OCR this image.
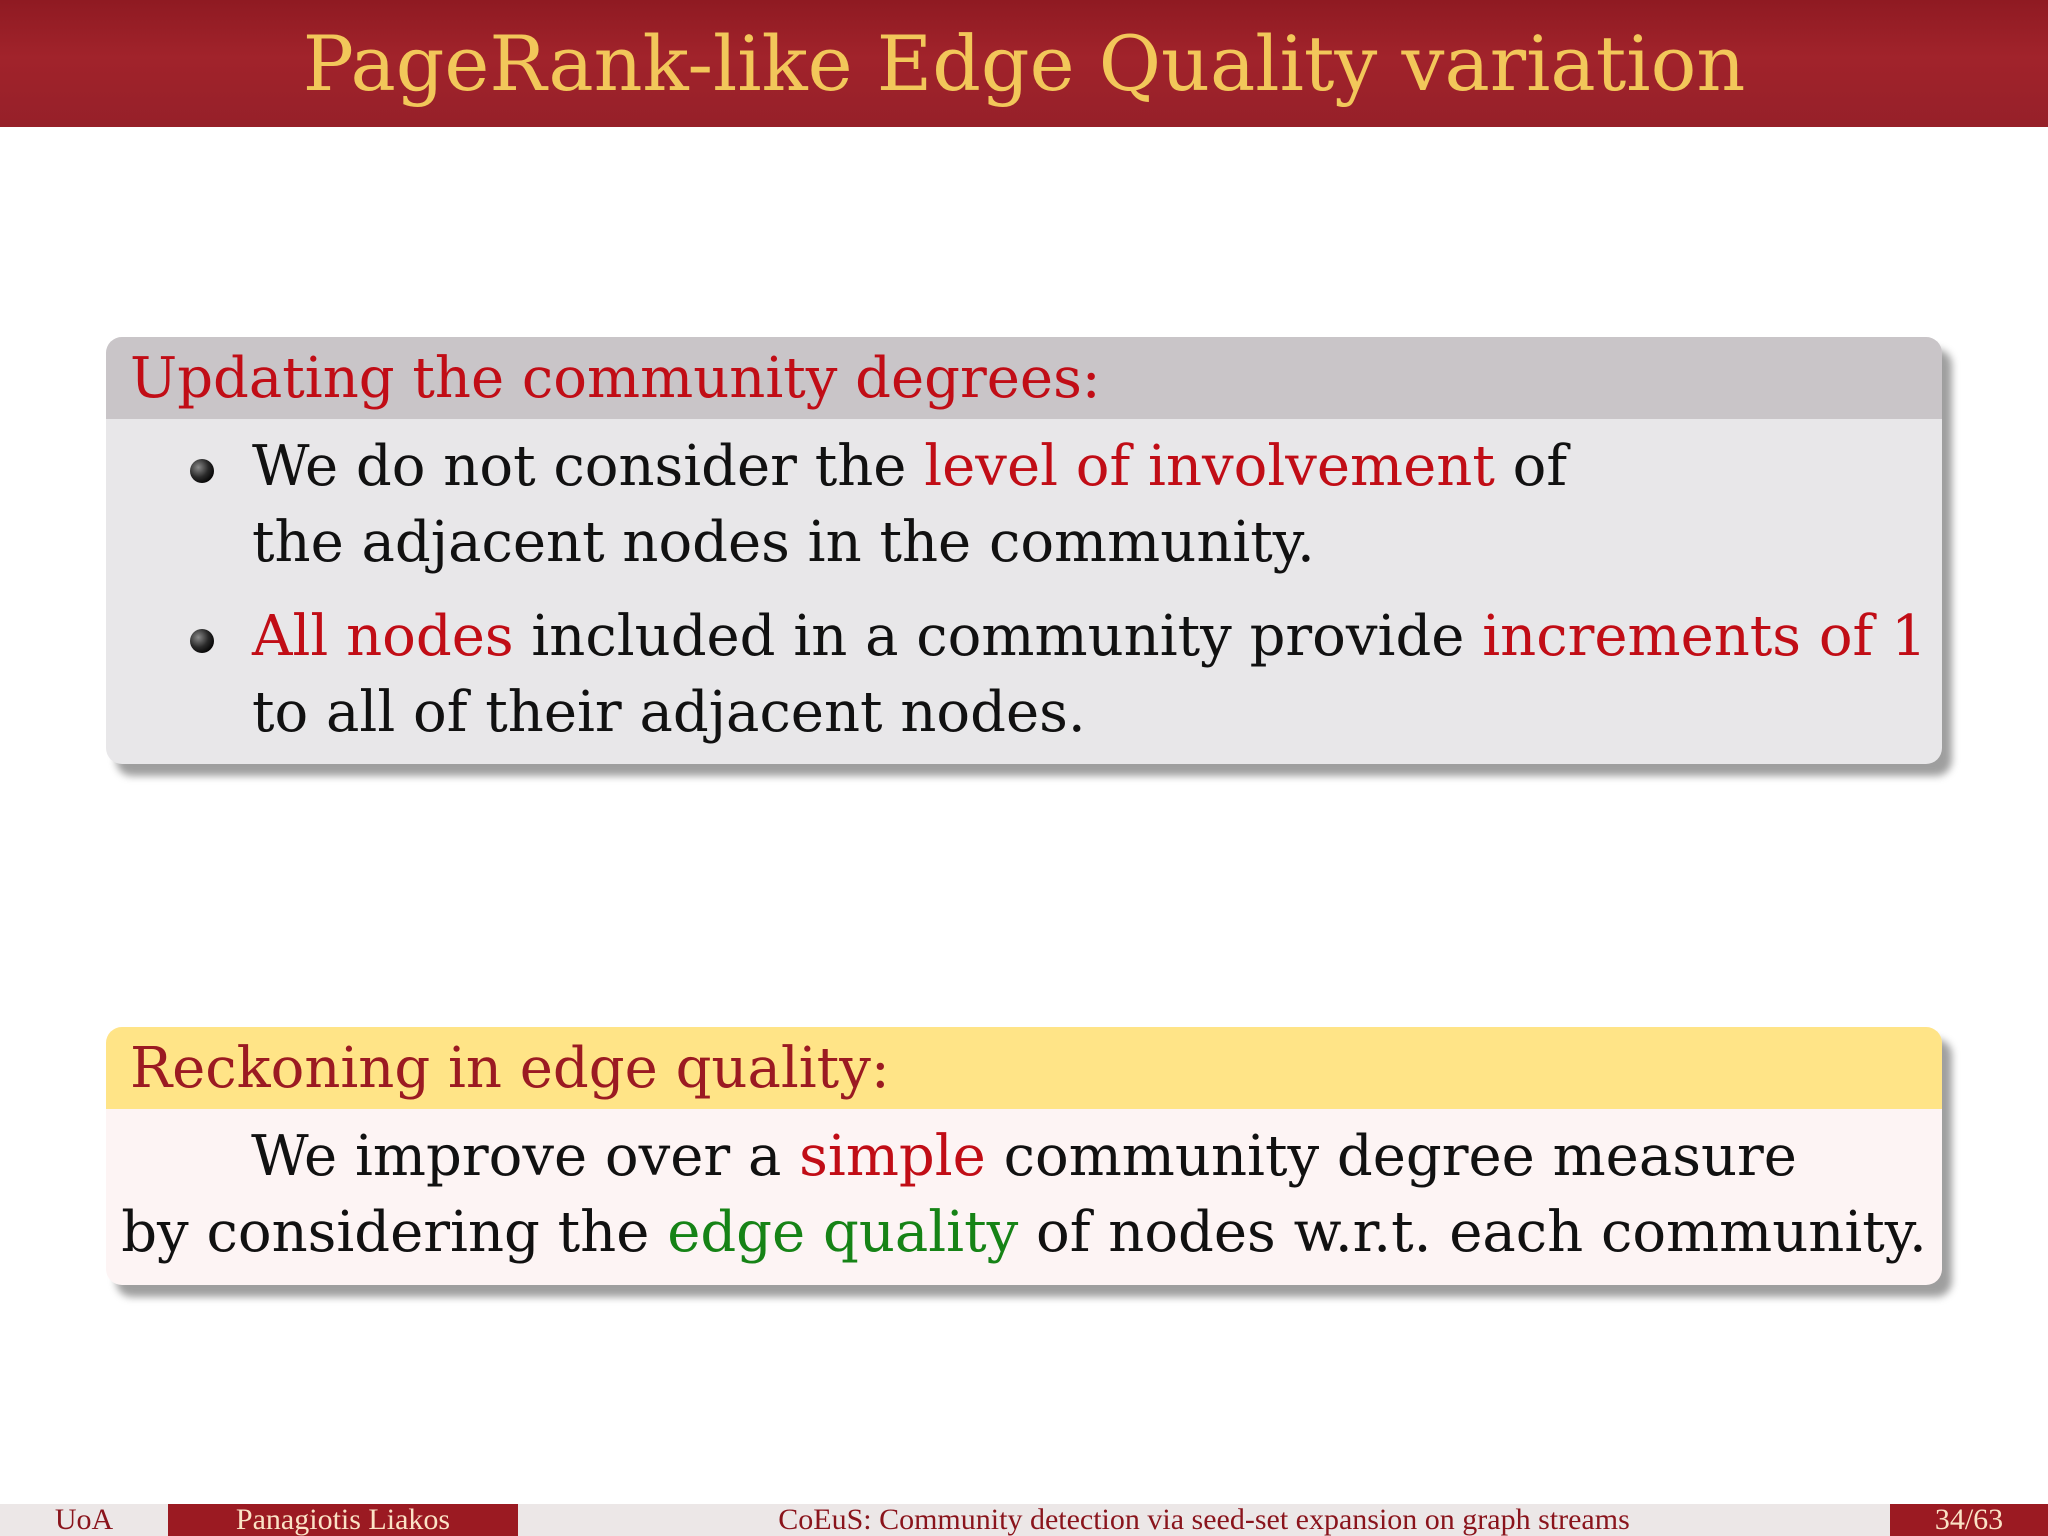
PageRank-like Edge Quality variation
Updating the community degrees:
We do not consider the level of involvement of
the adjacent nodes in the community.
All nodes included in a community provide increments of 1
to all of their adjacent nodes.
Reckoning in edge quality:
We improve over a simple community degree measure
by considering the edge quality of nodes w.r.t. each community.
UoA	Panagiotis Liakos	CoEuS: Community detection via seed-set expansion on graph streams	34/63
